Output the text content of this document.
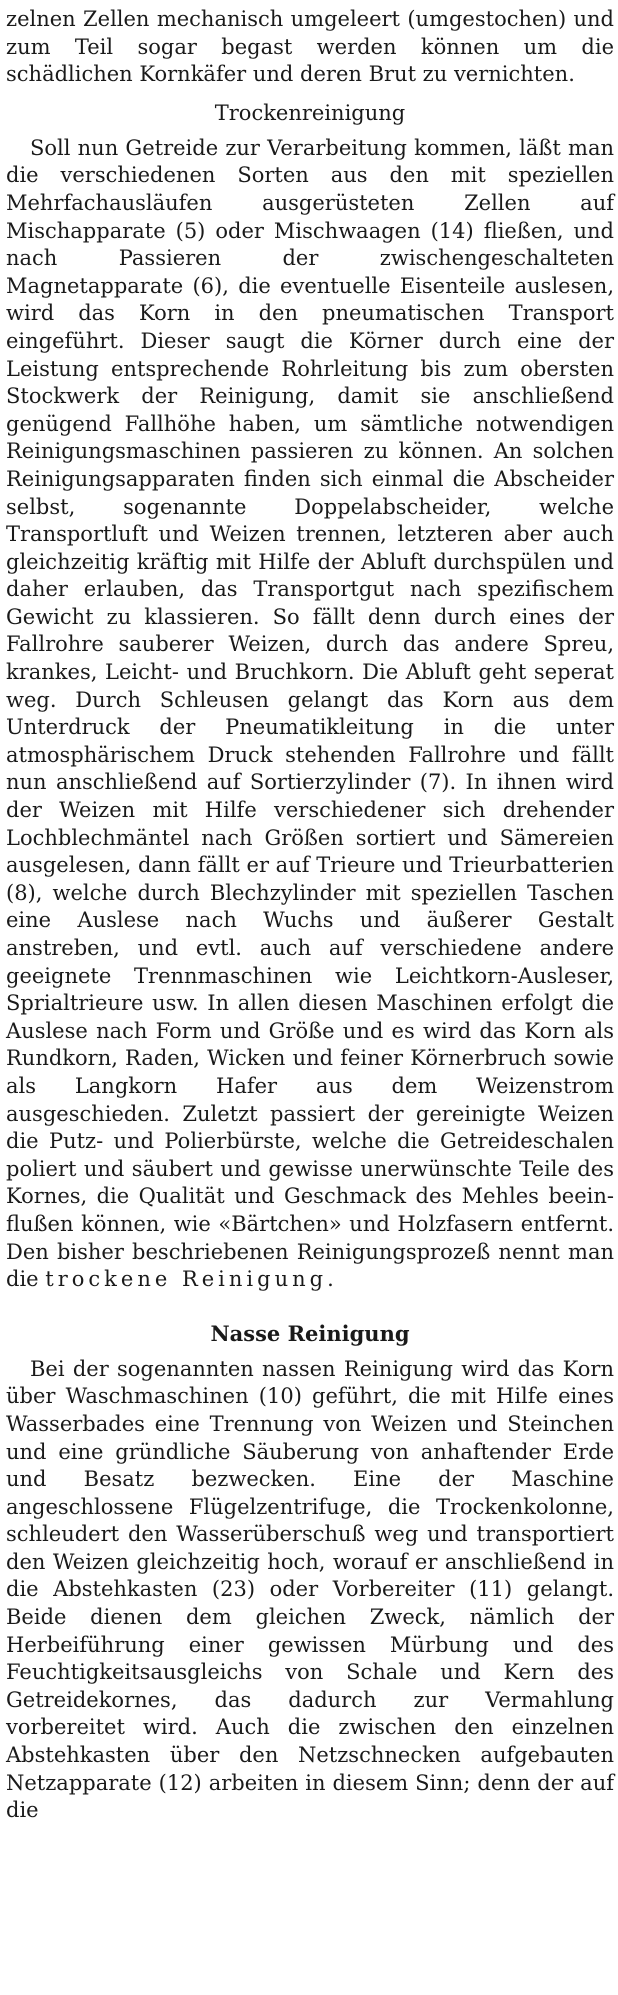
zelnen Zellen mechanisch umgeleert (umgestochen) und zum Teil sogar begast werden können um die schädlichen Kornkäfer und deren Brut zu vernichten.

Trockenreinigung

Soll nun Getreide zur Verarbeitung kommen, läßt man die verschiedenen Sorten aus den mit speziellen Mehrfachausläufen ausgerüsteten Zellen auf Mischapparate (5) oder Mischwaagen (14) fließen, und nach Passieren der zwischengeschalteten Magnetapparate (6), die eventuelle Eisenteile auslesen, wird das Korn in den pneumatischen Transport eingeführt. Dieser saugt die Körner durch eine der Leistung entsprechende Rohrleitung bis zum obersten Stockwerk der Reinigung, damit sie anschließend genügend Fallhöhe haben, um sämtliche notwendigen Reinigungsmaschinen passieren zu können. An solchen Reinigungsapparaten finden sich einmal die Abscheider selbst, sogenannte Doppelabscheider, welche Transportluft und Weizen trennen, letzteren aber auch gleichzeitig kräftig mit Hilfe der Abluft durchspülen und daher erlauben, das Transportgut nach spezifischem Gewicht zu klassieren. So fällt denn durch eines der Fallrohre sauberer Weizen, durch das andere Spreu, krankes, Leicht- und Bruchkorn. Die Abluft geht seperat weg. Durch Schleusen gelangt das Korn aus dem Unterdruck der Pneumatikleitung in die unter atmosphärischem Druck stehenden Fallrohre und fällt nun anschließend auf Sortierzylinder (7). In ihnen wird der Weizen mit Hilfe verschiedener sich drehender Lochblechmäntel nach Größen sortiert und Sämereien ausgelesen, dann fällt er auf Trieure und Trieurbatterien (8), welche durch Blechzylinder mit speziellen Taschen eine Auslese nach Wuchs und äußerer Gestalt anstreben, und evtl. auch auf verschiedene andere geeignete Trennmaschinen wie Leichtkorn-Ausleser, Sprialtrieure usw. In allen diesen Maschinen erfolgt die Auslese nach Form und Größe und es wird das Korn als Rundkorn, Raden, Wicken und feiner Körnerbruch sowie als Langkorn Hafer aus dem Weizenstrom ausgeschieden. Zuletzt passiert der gereinigte Weizen die Putz- und Polierbürste, welche die Getreideschalen poliert und säubert und gewisse unerwünschte Teile des Kornes, die Qualität und Geschmack des Mehles beeinflußen können, wie «Bärtchen» und Holzfasern entfernt. Den bisher beschriebenen Reinigungsprozeß nennt man die trockene Reinigung.

Nasse Reinigung

Bei der sogenannten nassen Reinigung wird das Korn über Waschmaschinen (10) geführt, die mit Hilfe eines Wasserbades eine Trennung von Weizen und Steinchen und eine gründliche Säuberung von anhaftender Erde und Besatz bezwecken. Eine der Maschine angeschlossene Flügelzentrifuge, die Trockenkolonne, schleudert den Wasserüberschuß weg und transportiert den Weizen gleichzeitig hoch, worauf er anschließend in die Abstehkasten (23) oder Vorbereiter (11) gelangt. Beide dienen dem gleichen Zweck, nämlich der Herbeiführung einer gewissen Mürbung und des Feuchtigkeitsausgleichs von Schale und Kern des Getreidekornes, das dadurch zur Vermahlung vorbereitet wird. Auch die zwischen den einzelnen Abstehkasten über den Netzschnecken aufgebauten Netzapparate (12) arbeiten in diesem Sinn; denn der auf die
